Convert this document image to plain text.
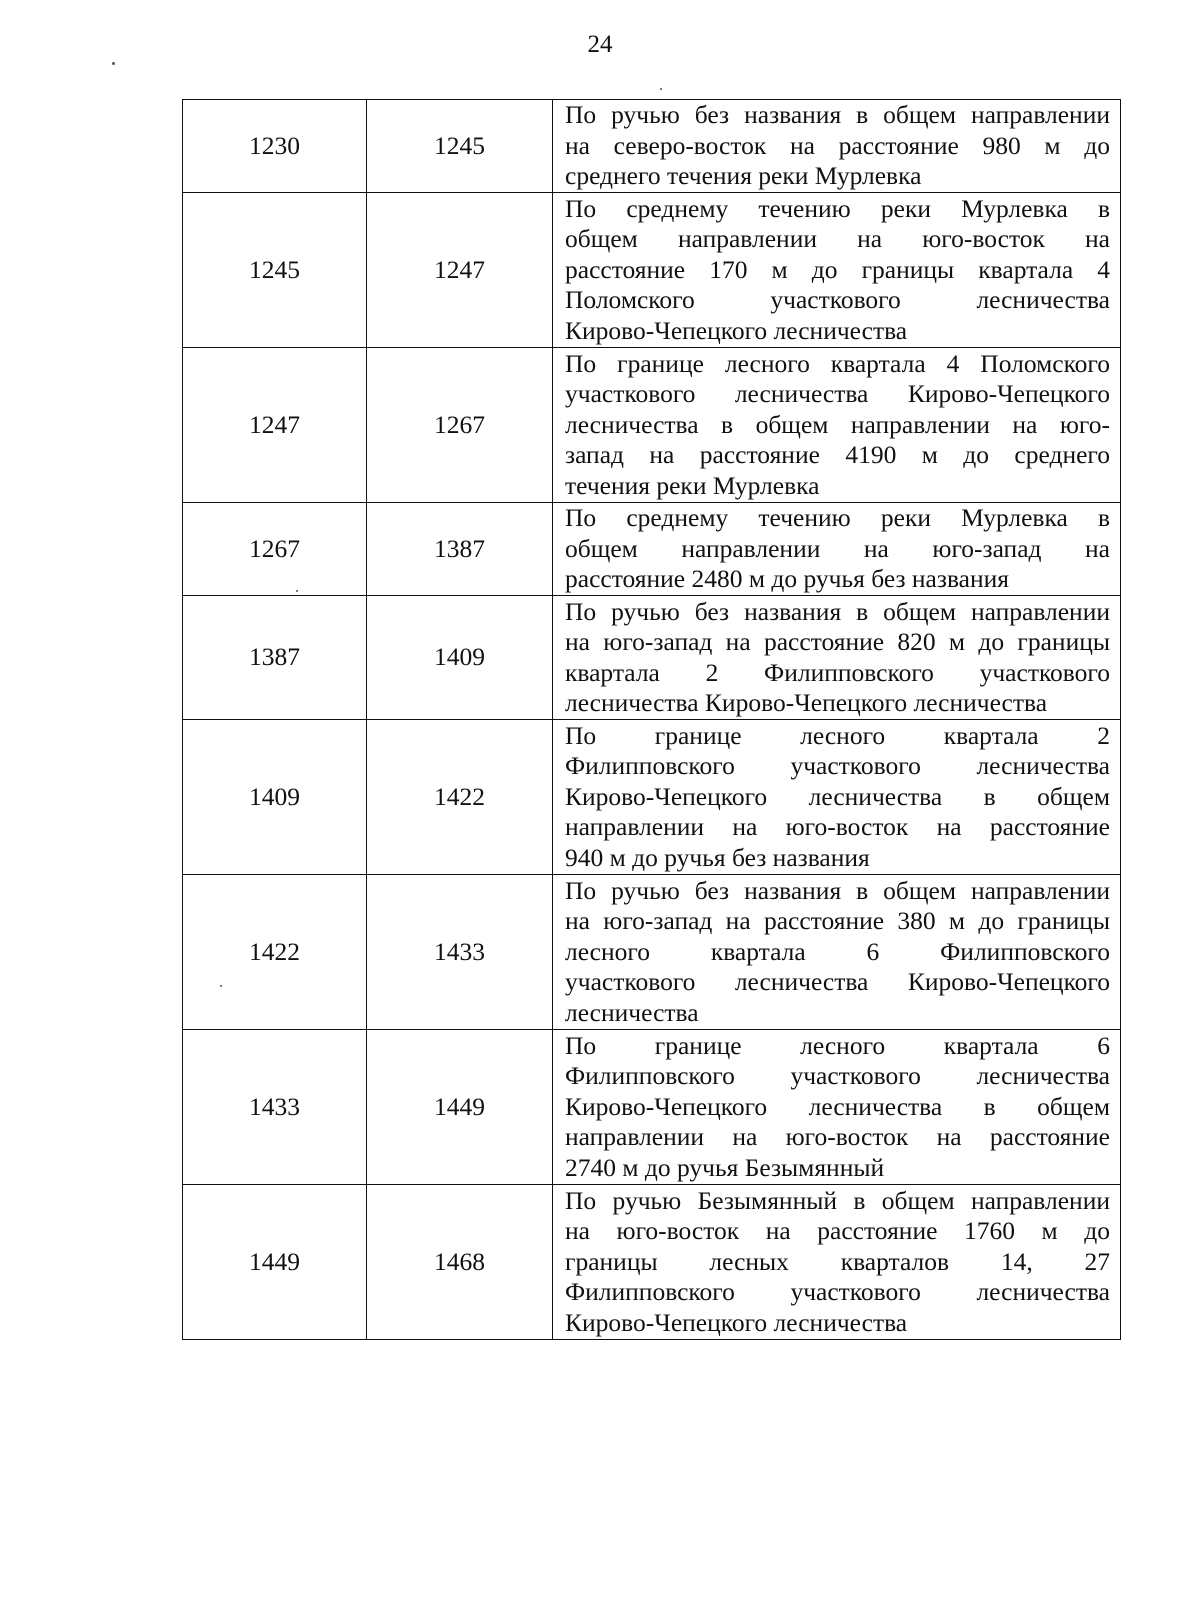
24
1230	1245	По ручью без названия в общем направлении
на северо-восток на расстояние 980 м до
среднего течения реки Мурлевка

1245	1247	По среднему течению реки Мурлевка в
общем направлении на юго-восток на
расстояние 170 м до границы квартала 4
Поломского участкового лесничества
Кирово-Чепецкого лесничества

1247	1267	По границе лесного квартала 4 Поломского
участкового лесничества Кирово-Чепецкого
лесничества в общем направлении на юго-
запад на расстояние 4190 м до среднего
течения реки Мурлевка

1267	1387	По среднему течению реки Мурлевка в
общем направлении на юго-запад на
расстояние 2480 м до ручья без названия

1387	1409	По ручью без названия в общем направлении
на юго-запад на расстояние 820 м до границы
квартала 2 Филипповского участкового
лесничества Кирово-Чепецкого лесничества

1409	1422	По границе лесного квартала 2
Филипповского участкового лесничества
Кирово-Чепецкого лесничества в общем
направлении на юго-восток на расстояние
940 м до ручья без названия

1422	1433	По ручью без названия в общем направлении
на юго-запад на расстояние 380 м до границы
лесного квартала 6 Филипповского
участкового лесничества Кирово-Чепецкого
лесничества

1433	1449	По границе лесного квартала 6
Филипповского участкового лесничества
Кирово-Чепецкого лесничества в общем
направлении на юго-восток на расстояние
2740 м до ручья Безымянный

1449	1468	По ручью Безымянный в общем направлении
на юго-восток на расстояние 1760 м до
границы лесных кварталов 14, 27
Филипповского участкового лесничества
Кирово-Чепецкого лесничества
